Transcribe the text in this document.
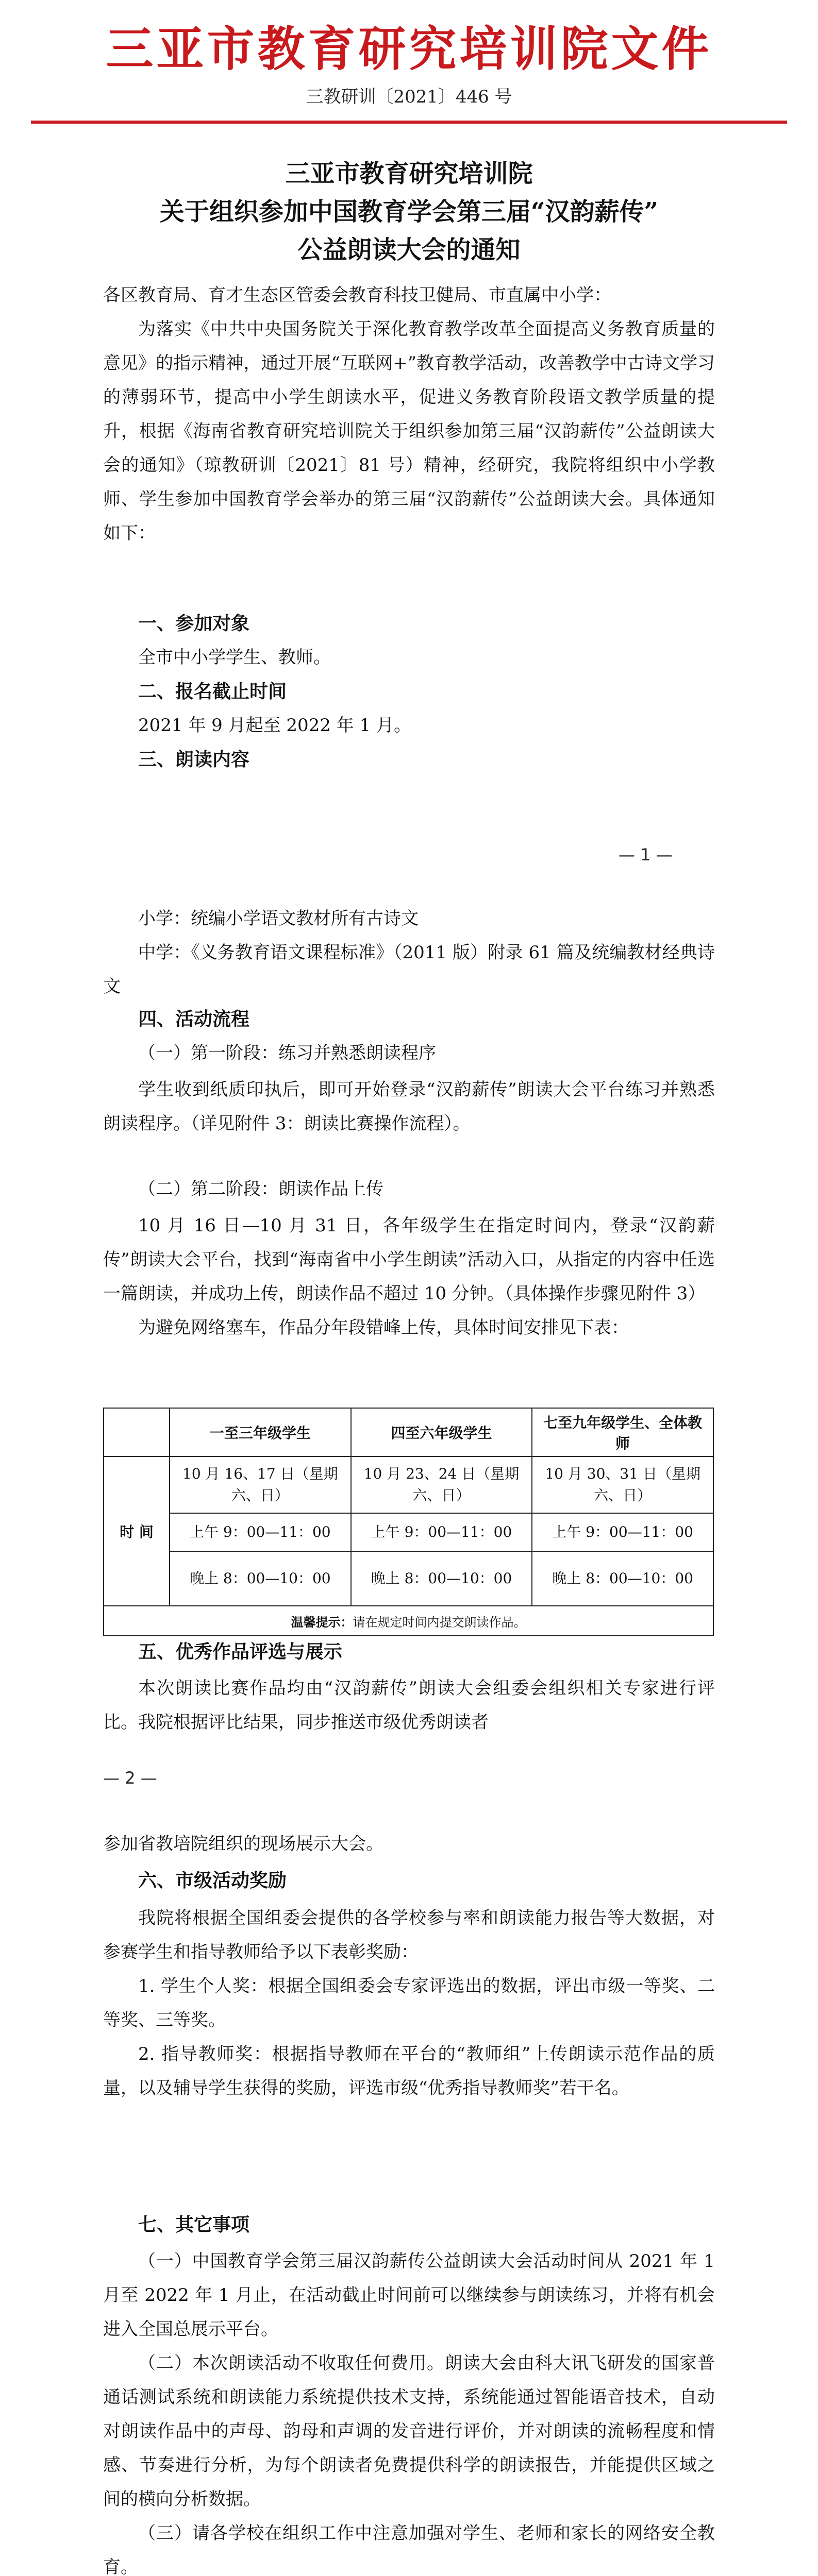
三亚市教育研究培训院文件
三教研训〔2021〕446 号
三亚市教育研究培训院
关于组织参加中国教育学会第三届“汉韵薪传”
公益朗读大会的通知

各区教育局、育才生态区管委会教育科技卫健局、市直属中小学：

为落实《中共中央国务院关于深化教育教学改革全面提高义务教育质量的意见》的指示精神，通过开展“互联网+”教育教学活动，改善教学中古诗文学习的薄弱环节，提高中小学生朗读水平，促进义务教育阶段语文教学质量的提升，根据《海南省教育研究培训院关于组织参加第三届“汉韵薪传”公益朗读大会的通知》（琼教研训〔2021〕81 号）精神，经研究，我院将组织中小学教师、学生参加中国教育学会举办的第三届“汉韵薪传”公益朗读大会。具体通知如下：

一、参加对象
全市中小学学生、教师。
二、报名截止时间
2021 年 9 月起至 2022 年 1 月。
三、朗读内容
— 1 —

小学：统编小学语文教材所有古诗文

中学：《义务教育语文课程标准》（2011 版）附录 61 篇及统编教材经典诗文

四、活动流程
（一）第一阶段：练习并熟悉朗读程序

学生收到纸质印执后，即可开始登录“汉韵薪传”朗读大会平台练习并熟悉朗读程序。（详见附件 3：朗读比赛操作流程）。

（二）第二阶段：朗读作品上传

10 月 16 日—10 月 31 日，各年级学生在指定时间内，登录“汉韵薪传”朗读大会平台，找到“海南省中小学生朗读”活动入口，从指定的内容中任选一篇朗读，并成功上传，朗读作品不超过 10 分钟。（具体操作步骤见附件 3）

为避免网络塞车，作品分年段错峰上传，具体时间安排见下表：

	一至三年级学生	四至六年级学生	七至九年级学生、全体教师
时 间	10 月 16、17 日（星期六、日）	10 月 23、24 日（星期六、日）	10 月 30、31 日（星期六、日）
	上午 9：00—11：00	上午 9：00—11：00	上午 9：00—11：00
	晚上 8：00—10：00	晚上 8：00—10：00	晚上 8：00—10：00
温馨提示：请在规定时间内提交朗读作品。			
五、优秀作品评选与展示

本次朗读比赛作品均由“汉韵薪传”朗读大会组委会组织相关专家进行评比。我院根据评比结果，同步推送市级优秀朗读者

— 2 —

参加省教培院组织的现场展示大会。

六、市级活动奖励

我院将根据全国组委会提供的各学校参与率和朗读能力报告等大数据，对参赛学生和指导教师给予以下表彰奖励：

1. 学生个人奖：根据全国组委会专家评选出的数据，评出市级一等奖、二等奖、三等奖。

2. 指导教师奖：根据指导教师在平台的“教师组”上传朗读示范作品的质量，以及辅导学生获得的奖励，评选市级“优秀指导教师奖”若干名。

七、其它事项

（一）中国教育学会第三届汉韵薪传公益朗读大会活动时间从 2021 年 1 月至 2022 年 1 月止，在活动截止时间前可以继续参与朗读练习，并将有机会进入全国总展示平台。

（二）本次朗读活动不收取任何费用。朗读大会由科大讯飞研发的国家普通话测试系统和朗读能力系统提供技术支持，系统能通过智能语音技术，自动对朗读作品中的声母、韵母和声调的发音进行评价，并对朗读的流畅程度和情感、节奏进行分析，为每个朗读者免费提供科学的朗读报告，并能提供区域之间的横向分析数据。

（三）请各学校在组织工作中注意加强对学生、老师和家长的网络安全教育。
